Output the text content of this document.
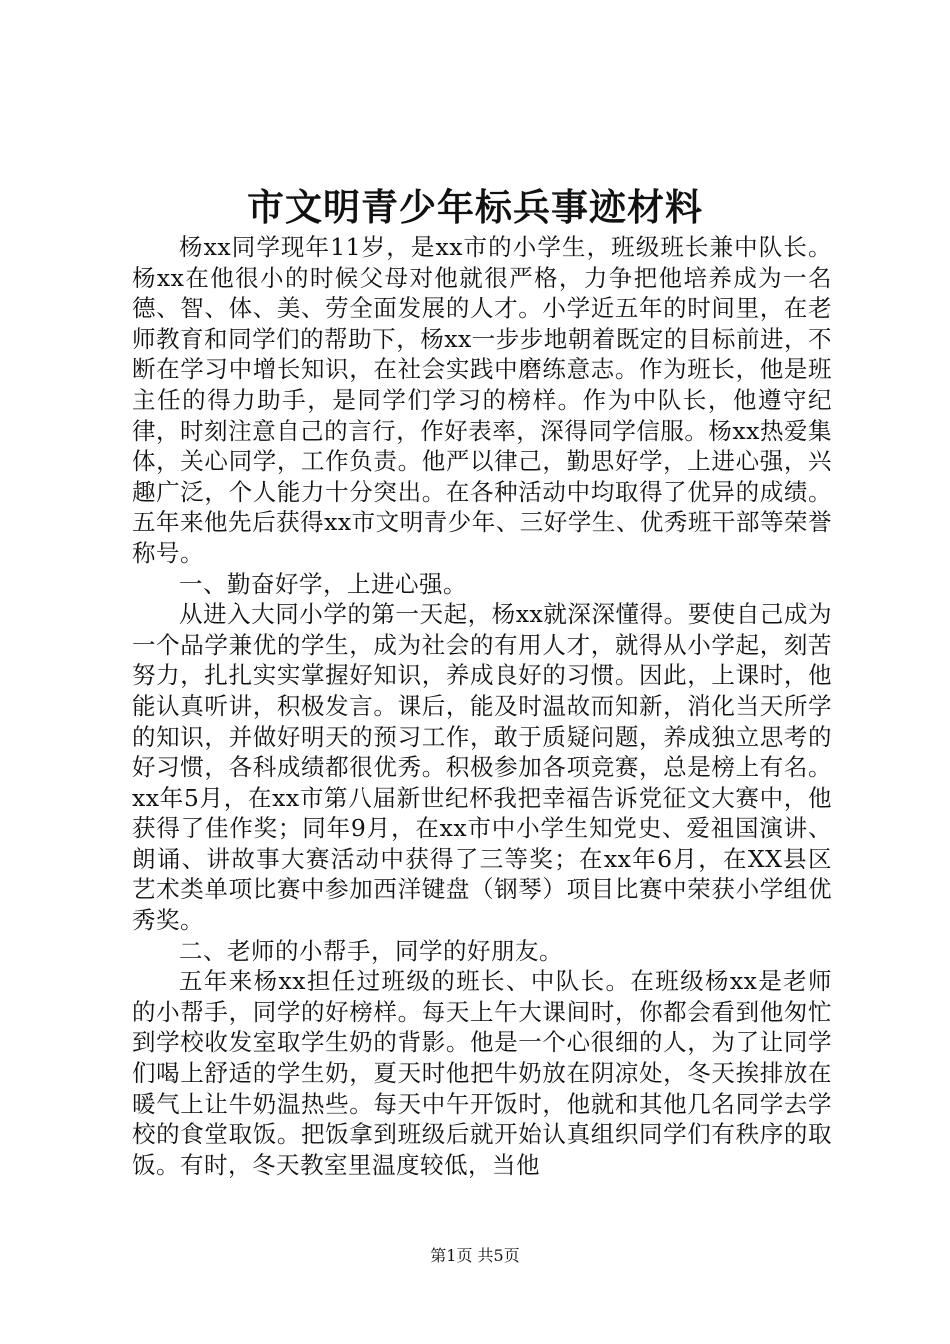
市文明青少年标兵事迹材料

杨xx同学现年11岁，是xx市的小学生，班级班长兼中队长。杨xx在他很小的时候父母对他就很严格，力争把他培养成为一名德、智、体、美、劳全面发展的人才。小学近五年的时间里，在老师教育和同学们的帮助下，杨xx一步步地朝着既定的目标前进，不断在学习中增长知识，在社会实践中磨练意志。作为班长，他是班主任的得力助手，是同学们学习的榜样。作为中队长，他遵守纪律，时刻注意自己的言行，作好表率，深得同学信服。杨xx热爱集体，关心同学，工作负责。他严以律己，勤思好学，上进心强，兴趣广泛，个人能力十分突出。在各种活动中均取得了优异的成绩。五年来他先后获得xx市文明青少年、三好学生、优秀班干部等荣誉称号。

一、勤奋好学，上进心强。

从进入大同小学的第一天起，杨xx就深深懂得。要使自己成为一个品学兼优的学生，成为社会的有用人才，就得从小学起，刻苦努力，扎扎实实掌握好知识，养成良好的习惯。因此，上课时，他能认真听讲，积极发言。课后，能及时温故而知新，消化当天所学的知识，并做好明天的预习工作，敢于质疑问题，养成独立思考的好习惯，各科成绩都很优秀。积极参加各项竞赛，总是榜上有名。xx年5月，在xx市第八届新世纪杯我把幸福告诉党征文大赛中，他获得了佳作奖；同年9月，在xx市中小学生知党史、爱祖国演讲、朗诵、讲故事大赛活动中获得了三等奖；在xx年6月，在XX县区艺术类单项比赛中参加西洋键盘（钢琴）项目比赛中荣获小学组优秀奖。

二、老师的小帮手，同学的好朋友。

五年来杨xx担任过班级的班长、中队长。在班级杨xx是老师的小帮手，同学的好榜样。每天上午大课间时，你都会看到他匆忙到学校收发室取学生奶的背影。他是一个心很细的人，为了让同学们喝上舒适的学生奶，夏天时他把牛奶放在阴凉处，冬天挨排放在暖气上让牛奶温热些。每天中午开饭时，他就和其他几名同学去学校的食堂取饭。把饭拿到班级后就开始认真组织同学们有秩序的取饭。有时，冬天教室里温度较低，当他

第1页 共5页
